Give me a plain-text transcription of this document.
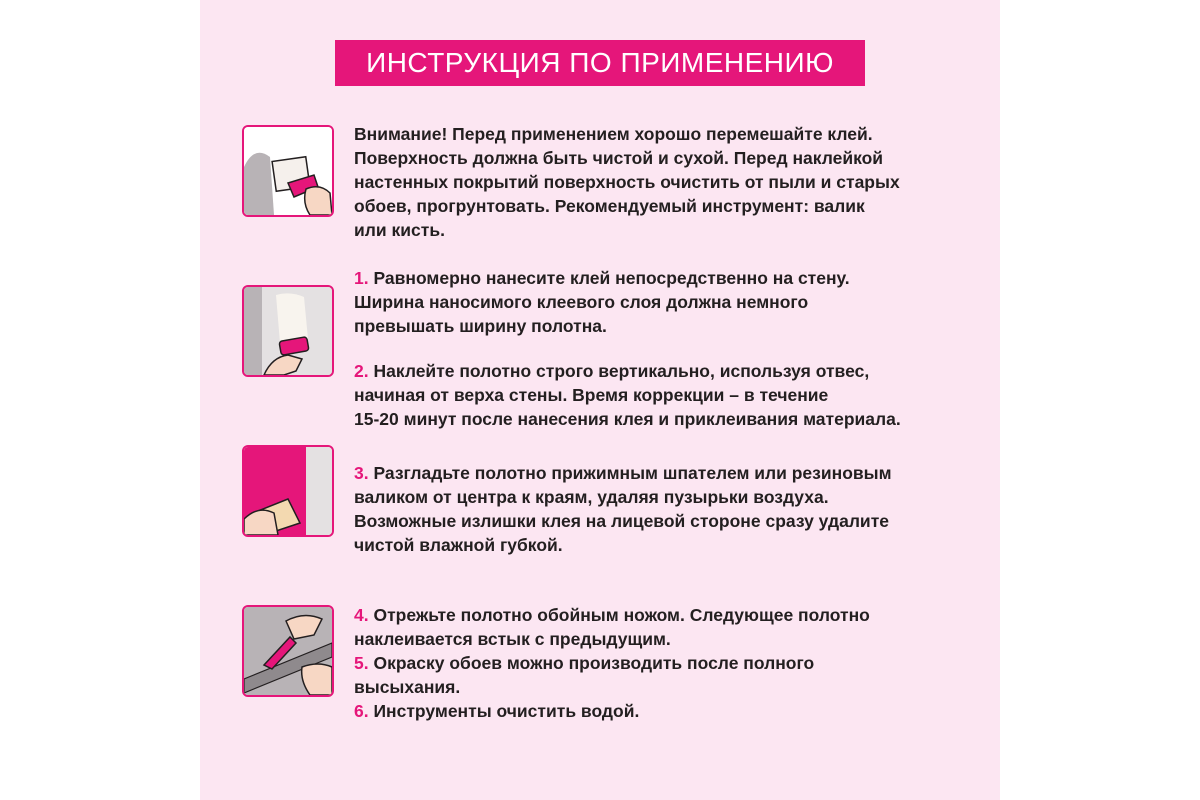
ИНСТРУКЦИЯ ПО ПРИМЕНЕНИЮ

Внимание! Перед применением хорошо перемешайте клей.

Поверхность должна быть чистой и сухой. Перед наклейкой

настенных покрытий поверхность очистить от пыли и старых

обоев, прогрунтовать. Рекомендуемый инструмент: валик

или кисть.

1. Равномерно нанесите клей непосредственно на стену.

Ширина наносимого клеевого слоя должна немного

превышать ширину полотна.

2. Наклейте полотно строго вертикально, используя отвес,

начиная от верха стены. Время коррекции – в течение

15-20 минут после нанесения клея и приклеивания материала.

3. Разгладьте полотно прижимным шпателем или резиновым

валиком от центра к краям, удаляя пузырьки воздуха.

Возможные излишки клея на лицевой стороне сразу удалите

чистой влажной губкой.

4. Отрежьте полотно обойным ножом. Следующее полотно

наклеивается встык с предыдущим.

5. Окраску обоев можно производить после полного

высыхания.

6. Инструменты очистить водой.
